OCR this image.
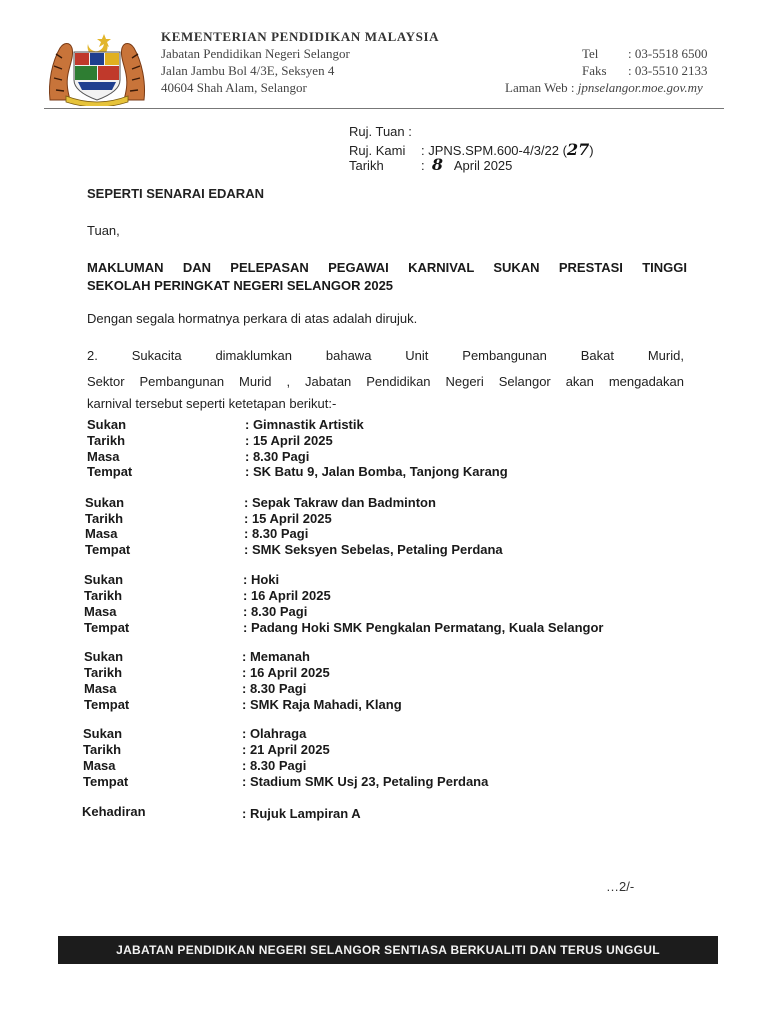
KEMENTERIAN PENDIDIKAN MALAYSIA
Jabatan Pendidikan Negeri Selangor
Jalan Jambu Bol 4/3E, Seksyen 4
40604 Shah Alam, Selangor
Tel : 03-5518 6500
Faks : 03-5510 2133
Laman Web : jpnselangor.moe.gov.my
Ruj. Tuan :
Ruj. Kami : JPNS.SPM.600-4/3/22 (27)
Tarikh	: 8 April 2025
SEPERTI SENARAI EDARAN
Tuan,
MAKLUMAN DAN PELEPASAN PEGAWAI KARNIVAL SUKAN PRESTASI TINGGI
SEKOLAH PERINGKAT NEGERI SELANGOR 2025
Dengan segala hormatnya perkara di atas adalah dirujuk.
2.	Sukacita	dimaklumkan	bahawa	Unit	Pembangunan	Bakat	Murid,
Sektor Pembangunan Murid , Jabatan Pendidikan Negeri Selangor akan mengadakan
karnival tersebut seperti ketetapan berikut:-
Sukan	: Gimnastik Artistik
Tarikh	: 15 April 2025
Masa	: 8.30 Pagi
Tempat	: SK Batu 9, Jalan Bomba, Tanjong Karang
Sukan	: Sepak Takraw dan Badminton
Tarikh	: 15 April 2025
Masa	: 8.30 Pagi
Tempat	: SMK Seksyen Sebelas, Petaling Perdana
Sukan	: Hoki
Tarikh	: 16 April 2025
Masa	: 8.30 Pagi
Tempat	: Padang Hoki SMK Pengkalan Permatang, Kuala Selangor
Sukan	: Memanah
Tarikh	: 16 April 2025
Masa	: 8.30 Pagi
Tempat	: SMK Raja Mahadi, Klang
Sukan	: Olahraga
Tarikh	: 21 April 2025
Masa	: 8.30 Pagi
Tempat	: Stadium SMK Usj 23, Petaling Perdana
Kehadiran	: Rujuk Lampiran A
…2/-
JABATAN PENDIDIKAN NEGERI SELANGOR SENTIASA BERKUALITI DAN TERUS UNGGUL
